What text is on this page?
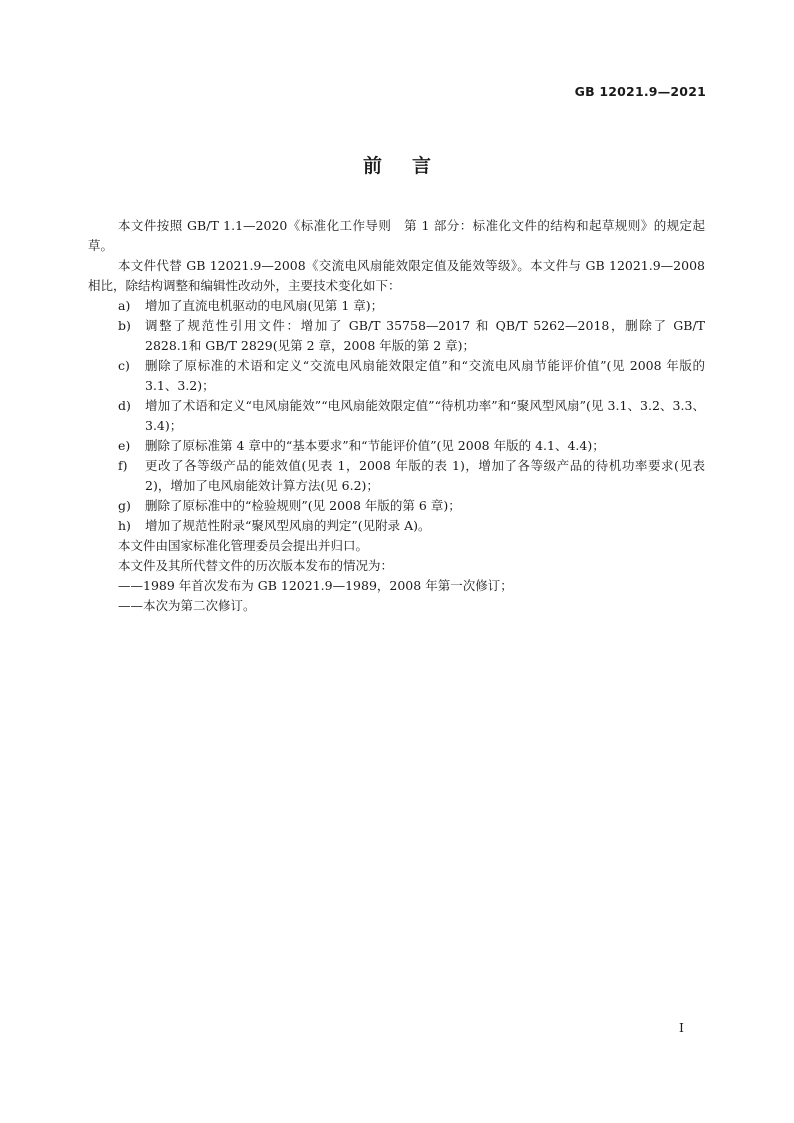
GB 12021.9—2021
前言

本文件按照 GB/T 1.1—2020《标准化工作导则　第 1 部分：标准化文件的结构和起草规则》的规定起草。

本文件代替 GB 12021.9—2008《交流电风扇能效限定值及能效等级》。本文件与 GB 12021.9—2008 相比，除结构调整和编辑性改动外，主要技术变化如下：

a) 增加了直流电机驱动的电风扇(见第 1 章)；
b) 调整了规范性引用文件：增加了 GB/T 35758—2017 和 QB/T 5262—2018，删除了 GB/T 2828.1和 GB/T 2829(见第 2 章，2008 年版的第 2 章)；
c) 删除了原标准的术语和定义“交流电风扇能效限定值”和“交流电风扇节能评价值”(见 2008 年版的 3.1、3.2)；
d) 增加了术语和定义“电风扇能效”“电风扇能效限定值”“待机功率”和“聚风型风扇”(见 3.1、3.2、3.3、3.4)；
e) 删除了原标准第 4 章中的“基本要求”和“节能评价值”(见 2008 年版的 4.1、4.4)；
f) 更改了各等级产品的能效值(见表 1，2008 年版的表 1)，增加了各等级产品的待机功率要求(见表 2)，增加了电风扇能效计算方法(见 6.2)；
g) 删除了原标准中的“检验规则”(见 2008 年版的第 6 章)；
h) 增加了规范性附录“聚风型风扇的判定”(见附录 A)。

本文件由国家标准化管理委员会提出并归口。

本文件及其所代替文件的历次版本发布的情况为：

——1989 年首次发布为 GB 12021.9—1989，2008 年第一次修订；

——本次为第二次修订。

I
